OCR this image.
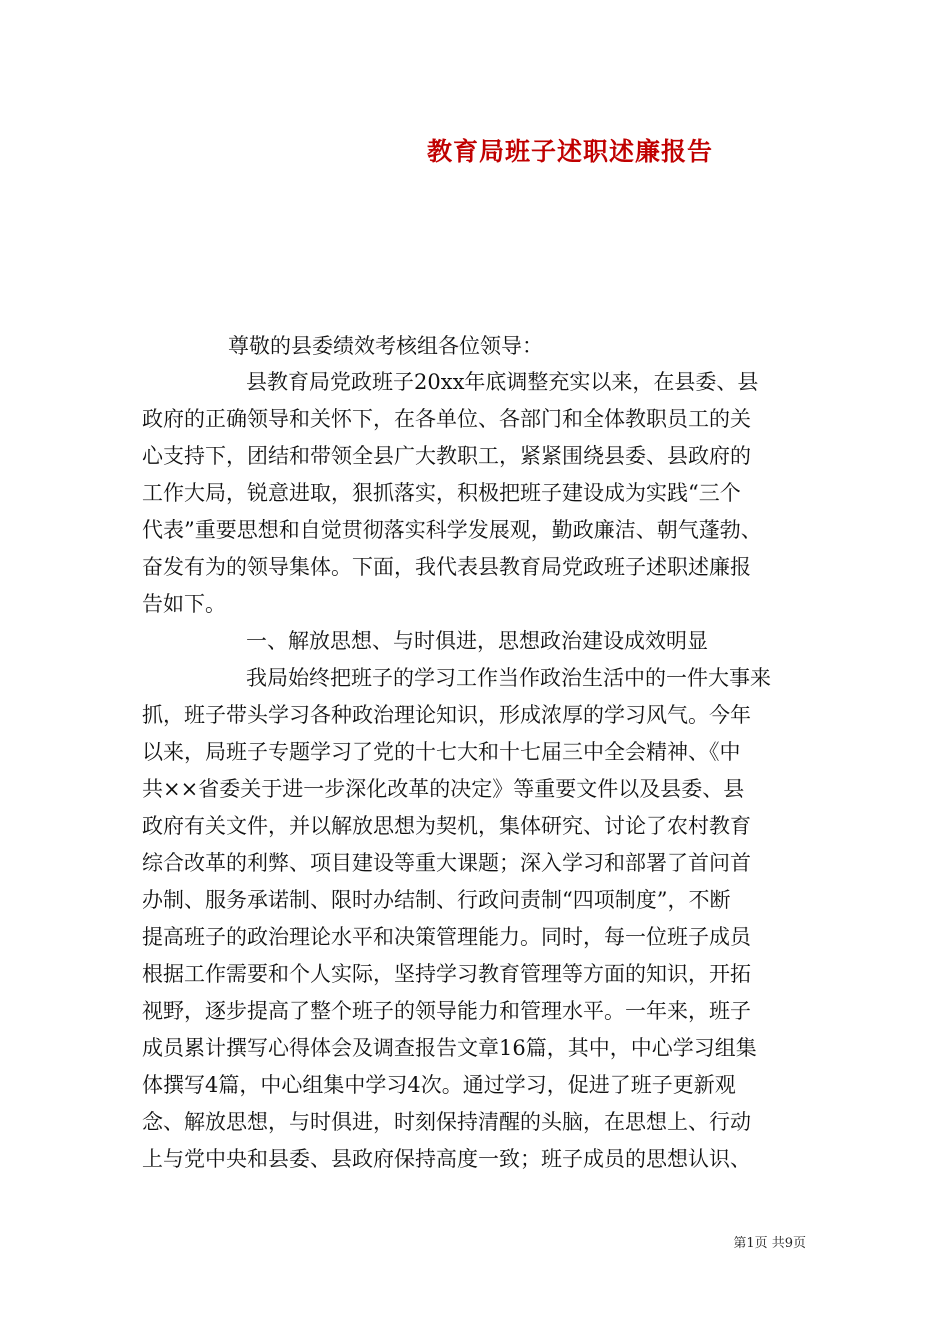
教育局班子述职述廉报告
尊敬的县委绩效考核组各位领导：
县教育局党政班子20xx年底调整充实以来，在县委、县
政府的正确领导和关怀下，在各单位、各部门和全体教职员工的关
心支持下，团结和带领全县广大教职工，紧紧围绕县委、县政府的
工作大局，锐意进取，狠抓落实，积极把班子建设成为实践“三个
代表”重要思想和自觉贯彻落实科学发展观，勤政廉洁、朝气蓬勃、
奋发有为的领导集体。下面，我代表县教育局党政班子述职述廉报
告如下。
一、解放思想、与时俱进，思想政治建设成效明显
我局始终把班子的学习工作当作政治生活中的一件大事来
抓，班子带头学习各种政治理论知识，形成浓厚的学习风气。今年
以来，局班子专题学习了党的十七大和十七届三中全会精神、《中
共××省委关于进一步深化改革的决定》等重要文件以及县委、县
政府有关文件，并以解放思想为契机，集体研究、讨论了农村教育
综合改革的利弊、项目建设等重大课题；深入学习和部署了首问首
办制、服务承诺制、限时办结制、行政问责制“四项制度”，不断
提高班子的政治理论水平和决策管理能力。同时，每一位班子成员
根据工作需要和个人实际，坚持学习教育管理等方面的知识，开拓
视野，逐步提高了整个班子的领导能力和管理水平。一年来，班子
成员累计撰写心得体会及调查报告文章16篇，其中，中心学习组集
体撰写4篇，中心组集中学习4次。通过学习，促进了班子更新观
念、解放思想，与时俱进，时刻保持清醒的头脑，在思想上、行动
上与党中央和县委、县政府保持高度一致；班子成员的思想认识、
第1页 共9页
